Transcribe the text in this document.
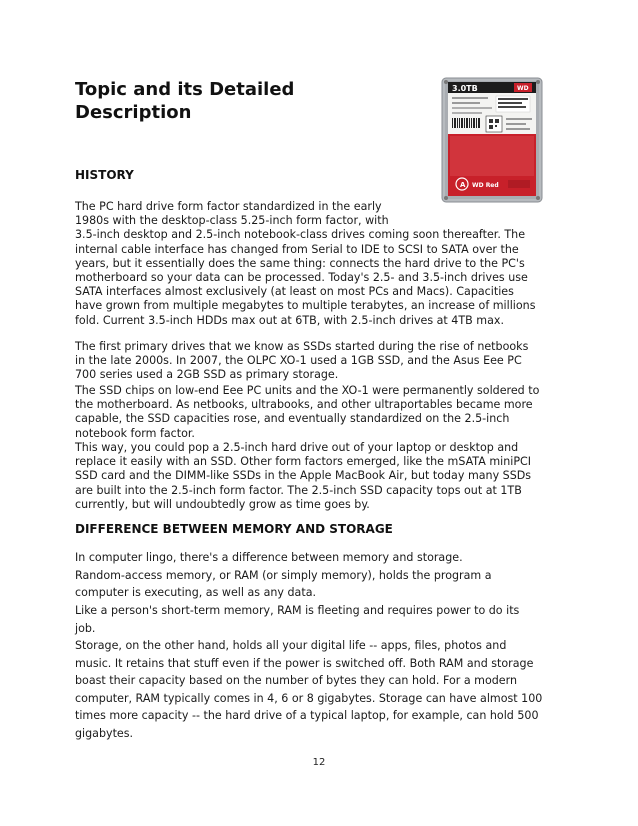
Topic and its Detailed
Description
3.0TB	WD
A WD Red
HISTORY
The PC hard drive form factor standardized in the early
1980s with the desktop-class 5.25-inch form factor, with
3.5-inch desktop and 2.5-inch notebook-class drives coming soon thereafter. The
internal cable interface has changed from Serial to IDE to SCSI to SATA over the
years, but it essentially does the same thing: connects the hard drive to the PC's
motherboard so your data can be processed. Today's 2.5- and 3.5-inch drives use
SATA interfaces almost exclusively (at least on most PCs and Macs). Capacities
have grown from multiple megabytes to multiple terabytes, an increase of millions
fold. Current 3.5-inch HDDs max out at 6TB, with 2.5-inch drives at 4TB max.
The first primary drives that we know as SSDs started during the rise of netbooks
in the late 2000s. In 2007, the OLPC XO-1 used a 1GB SSD, and the Asus Eee PC
700 series used a 2GB SSD as primary storage.
The SSD chips on low-end Eee PC units and the XO-1 were permanently soldered to
the motherboard. As netbooks, ultrabooks, and other ultraportables became more
capable, the SSD capacities rose, and eventually standardized on the 2.5-inch
notebook form factor.
This way, you could pop a 2.5-inch hard drive out of your laptop or desktop and
replace it easily with an SSD. Other form factors emerged, like the mSATA miniPCI
SSD card and the DIMM-like SSDs in the Apple MacBook Air, but today many SSDs
are built into the 2.5-inch form factor. The 2.5-inch SSD capacity tops out at 1TB
currently, but will undoubtedly grow as time goes by.
DIFFERENCE BETWEEN MEMORY AND STORAGE
In computer lingo, there's a difference between memory and storage.
Random-access memory, or RAM (or simply memory), holds the program a
computer is executing, as well as any data.
Like a person's short-term memory, RAM is fleeting and requires power to do its
job.
Storage, on the other hand, holds all your digital life -- apps, files, photos and
music. It retains that stuff even if the power is switched off. Both RAM and storage
boast their capacity based on the number of bytes they can hold. For a modern
computer, RAM typically comes in 4, 6 or 8 gigabytes. Storage can have almost 100
times more capacity -- the hard drive of a typical laptop, for example, can hold 500
gigabytes.
12
